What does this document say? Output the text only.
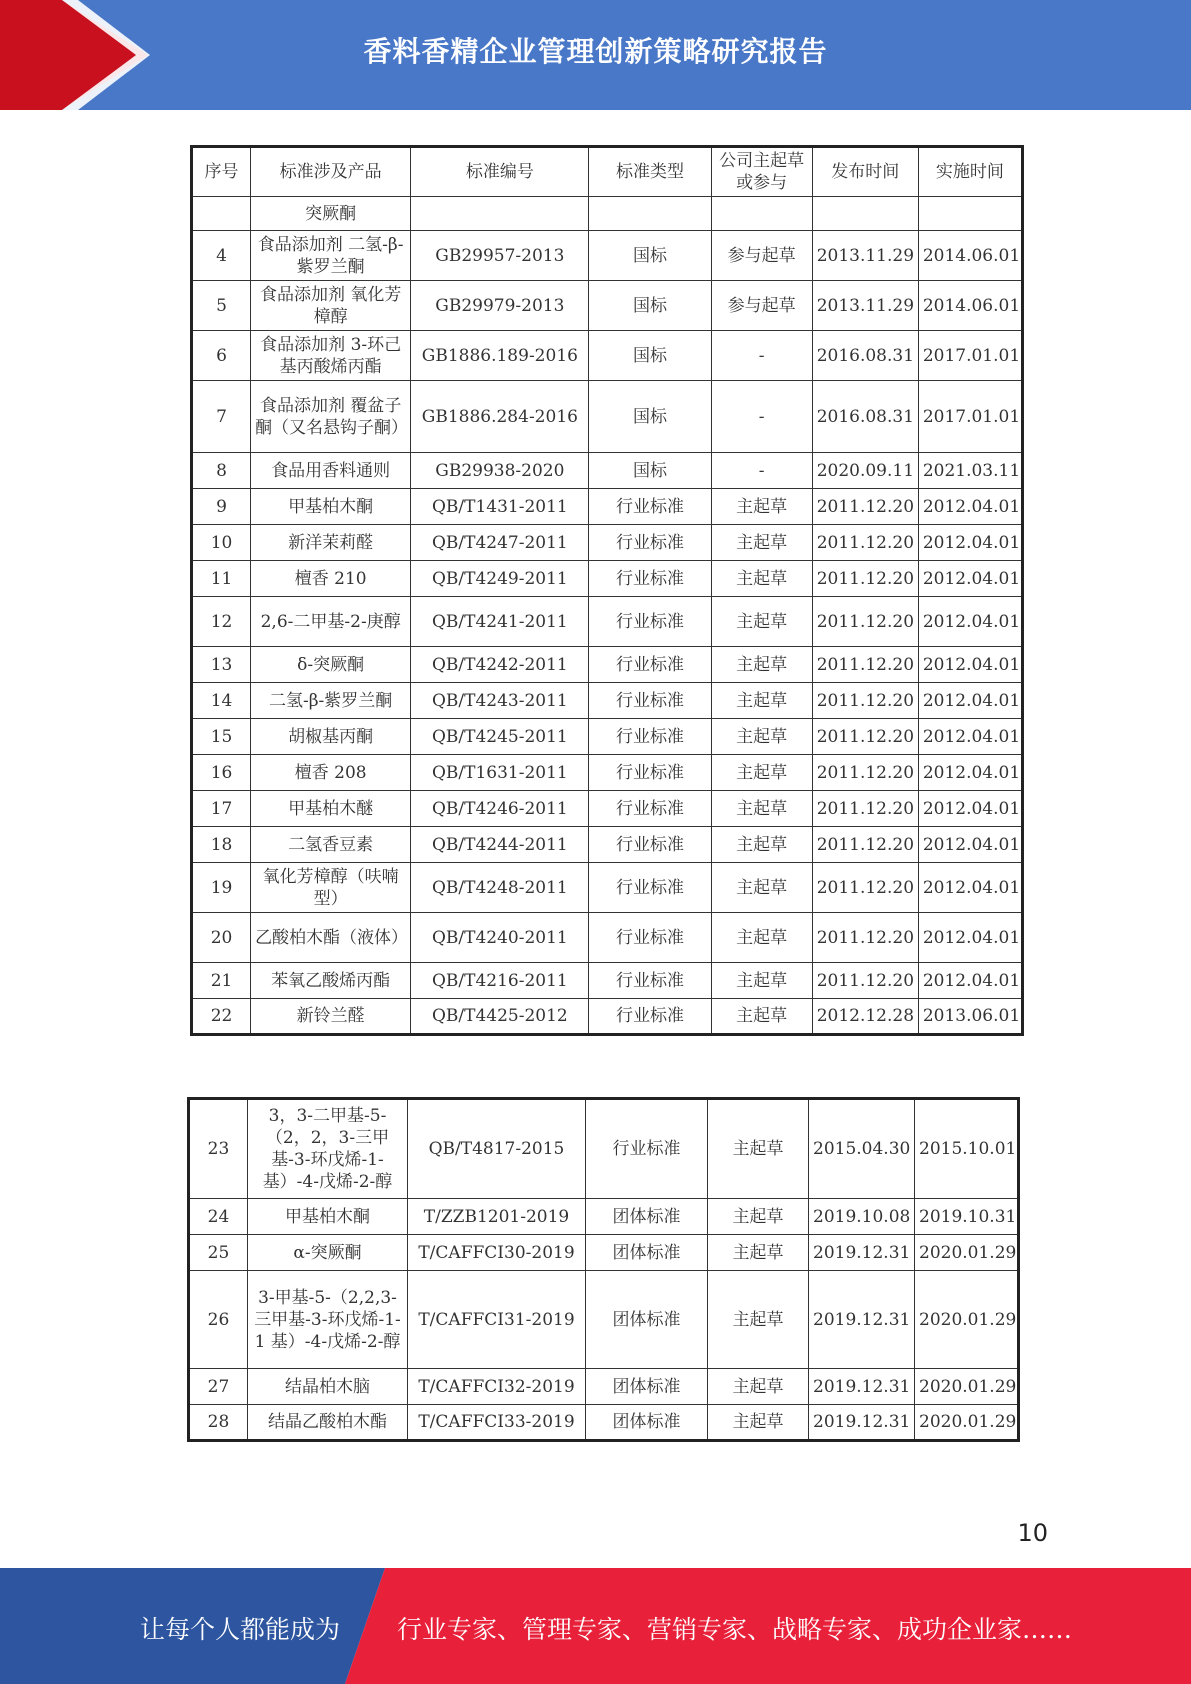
香料香精企业管理创新策略研究报告
序号	标准涉及产品	标准编号	标准类型	公司主起草或参与	发布时间	实施时间
	突厥酮					
4	食品添加剂 二氢-β-紫罗兰酮	GB29957-2013	国标	参与起草	2013.11.29	2014.06.01
5	食品添加剂 氧化芳樟醇	GB29979-2013	国标	参与起草	2013.11.29	2014.06.01
6	食品添加剂 3-环己基丙酸烯丙酯	GB1886.189-2016	国标	-	2016.08.31	2017.01.01
7	食品添加剂 覆盆子酮（又名悬钩子酮）	GB1886.284-2016	国标	-	2016.08.31	2017.01.01
8	食品用香料通则	GB29938-2020	国标	-	2020.09.11	2021.03.11
9	甲基柏木酮	QB/T1431-2011	行业标准	主起草	2011.12.20	2012.04.01
10	新洋茉莉醛	QB/T4247-2011	行业标准	主起草	2011.12.20	2012.04.01
11	檀香 210	QB/T4249-2011	行业标准	主起草	2011.12.20	2012.04.01
12	2,6-二甲基-2-庚醇	QB/T4241-2011	行业标准	主起草	2011.12.20	2012.04.01
13	δ-突厥酮	QB/T4242-2011	行业标准	主起草	2011.12.20	2012.04.01
14	二氢-β-紫罗兰酮	QB/T4243-2011	行业标准	主起草	2011.12.20	2012.04.01
15	胡椒基丙酮	QB/T4245-2011	行业标准	主起草	2011.12.20	2012.04.01
16	檀香 208	QB/T1631-2011	行业标准	主起草	2011.12.20	2012.04.01
17	甲基柏木醚	QB/T4246-2011	行业标准	主起草	2011.12.20	2012.04.01
18	二氢香豆素	QB/T4244-2011	行业标准	主起草	2011.12.20	2012.04.01
19	氧化芳樟醇（呋喃型）	QB/T4248-2011	行业标准	主起草	2011.12.20	2012.04.01
20	乙酸柏木酯（液体）	QB/T4240-2011	行业标准	主起草	2011.12.20	2012.04.01
21	苯氧乙酸烯丙酯	QB/T4216-2011	行业标准	主起草	2011.12.20	2012.04.01
22	新铃兰醛	QB/T4425-2012	行业标准	主起草	2012.12.28	2013.06.01
23	3，3-二甲基-5-（2，2，3-三甲基-3-环戊烯-1-基）-4-戊烯-2-醇	QB/T4817-2015	行业标准	主起草	2015.04.30	2015.10.01
24	甲基柏木酮	T/ZZB1201-2019	团体标准	主起草	2019.10.08	2019.10.31
25	α-突厥酮	T/CAFFCI30-2019	团体标准	主起草	2019.12.31	2020.01.29
26	3-甲基-5-（2,2,3-三甲基-3-环戊烯-1-1 基）-4-戊烯-2-醇	T/CAFFCI31-2019	团体标准	主起草	2019.12.31	2020.01.29
27	结晶柏木脑	T/CAFFCI32-2019	团体标准	主起草	2019.12.31	2020.01.29
28	结晶乙酸柏木酯	T/CAFFCI33-2019	团体标准	主起草	2019.12.31	2020.01.29
10
让每个人都能成为 行业专家、管理专家、营销专家、战略专家、成功企业家……
